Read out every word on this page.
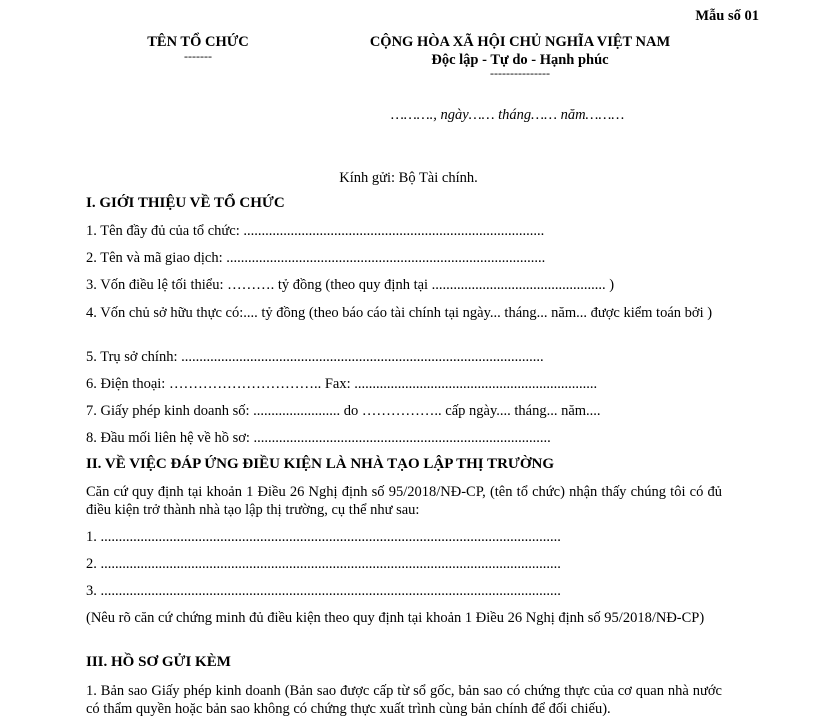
Mẫu số 01
TÊN TỔ CHỨC
-------
CỘNG HÒA XÃ HỘI CHỦ NGHĨA VIỆT NAM
Độc lập - Tự do - Hạnh phúc
---------------
………., ngày…… tháng…… năm………
Kính gửi: Bộ Tài chính.
I. GIỚI THIỆU VỀ TỔ CHỨC
1. Tên đầy đủ của tổ chức: ...................................................................................
2. Tên và mã giao dịch: ........................................................................................
3. Vốn điều lệ tối thiểu: ………. tỷ đồng (theo quy định tại ................................................ )
4. Vốn chủ sở hữu thực có:.... tỷ đồng (theo báo cáo tài chính tại ngày... tháng... năm... được kiểm toán bởi )
5. Trụ sở chính: ....................................................................................................
6. Điện thoại: ………………………….. Fax: ...................................................................
7. Giấy phép kinh doanh số: ........................ do …………….. cấp ngày.... tháng... năm....
8. Đầu mối liên hệ về hồ sơ: ..................................................................................
II. VỀ VIỆC ĐÁP ỨNG ĐIỀU KIỆN LÀ NHÀ TẠO LẬP THỊ TRƯỜNG
Căn cứ quy định tại khoản 1 Điều 26 Nghị định số 95/2018/NĐ-CP, (tên tổ chức) nhận thấy chúng tôi có đủ điều kiện trở thành nhà tạo lập thị trường, cụ thể như sau:
1. ...............................................................................................................................
2. ...............................................................................................................................
3. ...............................................................................................................................
(Nêu rõ căn cứ chứng minh đủ điều kiện theo quy định tại khoản 1 Điều 26 Nghị định số 95/2018/NĐ-CP)
III. HỒ SƠ GỬI KÈM
1. Bản sao Giấy phép kinh doanh (Bản sao được cấp từ sổ gốc, bản sao có chứng thực của cơ quan nhà nước có thẩm quyền hoặc bản sao không có chứng thực xuất trình cùng bản chính để đối chiếu).
